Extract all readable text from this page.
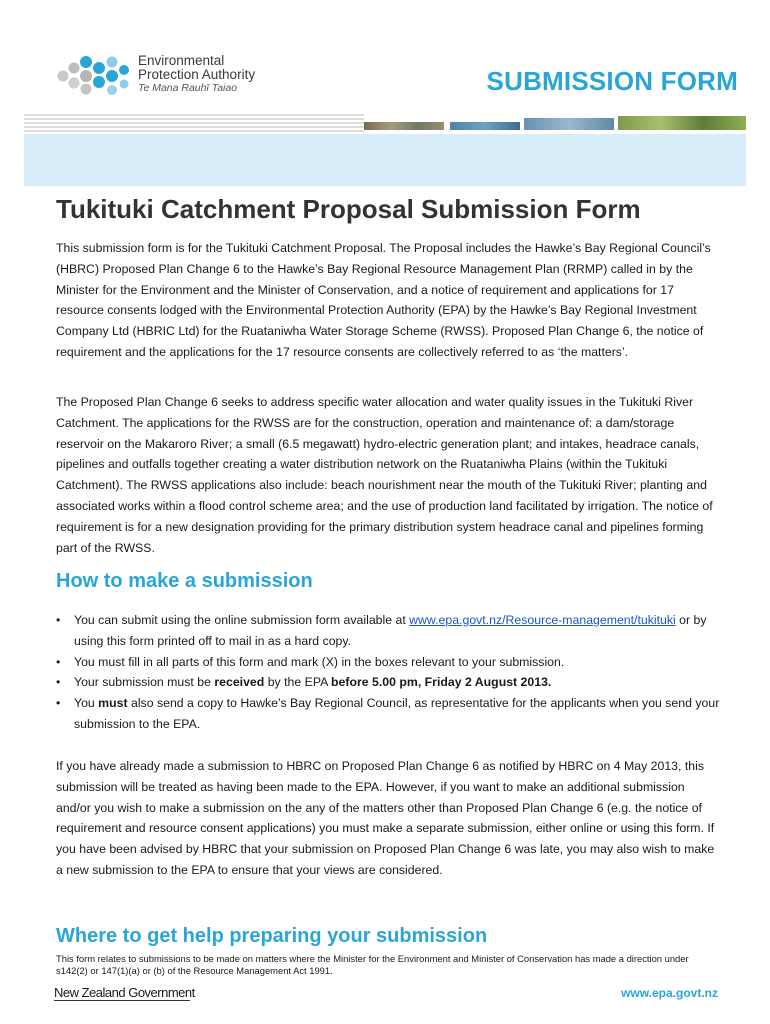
Environmental
Protection Authority
Te Mana Rauhī Taiao	SUBMISSION FORM
Tukituki Catchment Proposal Submission Form

This submission form is for the Tukituki Catchment Proposal. The Proposal includes the Hawke’s Bay Regional Council’s (HBRC) Proposed Plan Change 6 to the Hawke’s Bay Regional Resource Management Plan (RRMP) called in by the Minister for the Environment and the Minister of Conservation, and a notice of requirement and applications for 17 resource consents lodged with the Environmental Protection Authority (EPA) by the Hawke’s Bay Regional Investment Company Ltd (HBRIC Ltd) for the Ruataniwha Water Storage Scheme (RWSS). Proposed Plan Change 6, the notice of requirement and the applications for the 17 resource consents are collectively referred to as ‘the matters’.

The Proposed Plan Change 6 seeks to address specific water allocation and water quality issues in the Tukituki River Catchment. The applications for the RWSS are for the construction, operation and maintenance of: a dam/storage reservoir on the Makaroro River; a small (6.5 megawatt) hydro-electric generation plant; and intakes, headrace canals, pipelines and outfalls together creating a water distribution network on the Ruataniwha Plains (within the Tukituki Catchment). The RWSS applications also include: beach nourishment near the mouth of the Tukituki River; planting and associated works within a flood control scheme area; and the use of production land facilitated by irrigation. The notice of requirement is for a new designation providing for the primary distribution system headrace canal and pipelines forming part of the RWSS.

How to make a submission
• You can submit using the online submission form available at www.epa.govt.nz/Resource-management/tukituki or by using this form printed off to mail in as a hard copy.
• You must fill in all parts of this form and mark (X) in the boxes relevant to your submission.
• Your submission must be received by the EPA before 5.00 pm, Friday 2 August 2013.
• You must also send a copy to Hawke’s Bay Regional Council, as representative for the applicants when you send your submission to the EPA.

If you have already made a submission to HBRC on Proposed Plan Change 6 as notified by HBRC on 4 May 2013, this submission will be treated as having been made to the EPA. However, if you want to make an additional submission and/or you wish to make a submission on the any of the matters other than Proposed Plan Change 6 (e.g. the notice of requirement and resource consent applications) you must make a separate submission, either online or using this form. If you have been advised by HBRC that your submission on Proposed Plan Change 6 was late, you may also wish to make a new submission to the EPA to ensure that your views are considered.

Where to get help preparing your submission

This form relates to submissions to be made on matters where the Minister for the Environment and Minister of Conservation has made a direction under s142(2) or 147(1)(a) or (b) of the Resource Management Act 1991.

New Zealand Government	www.epa.govt.nz
